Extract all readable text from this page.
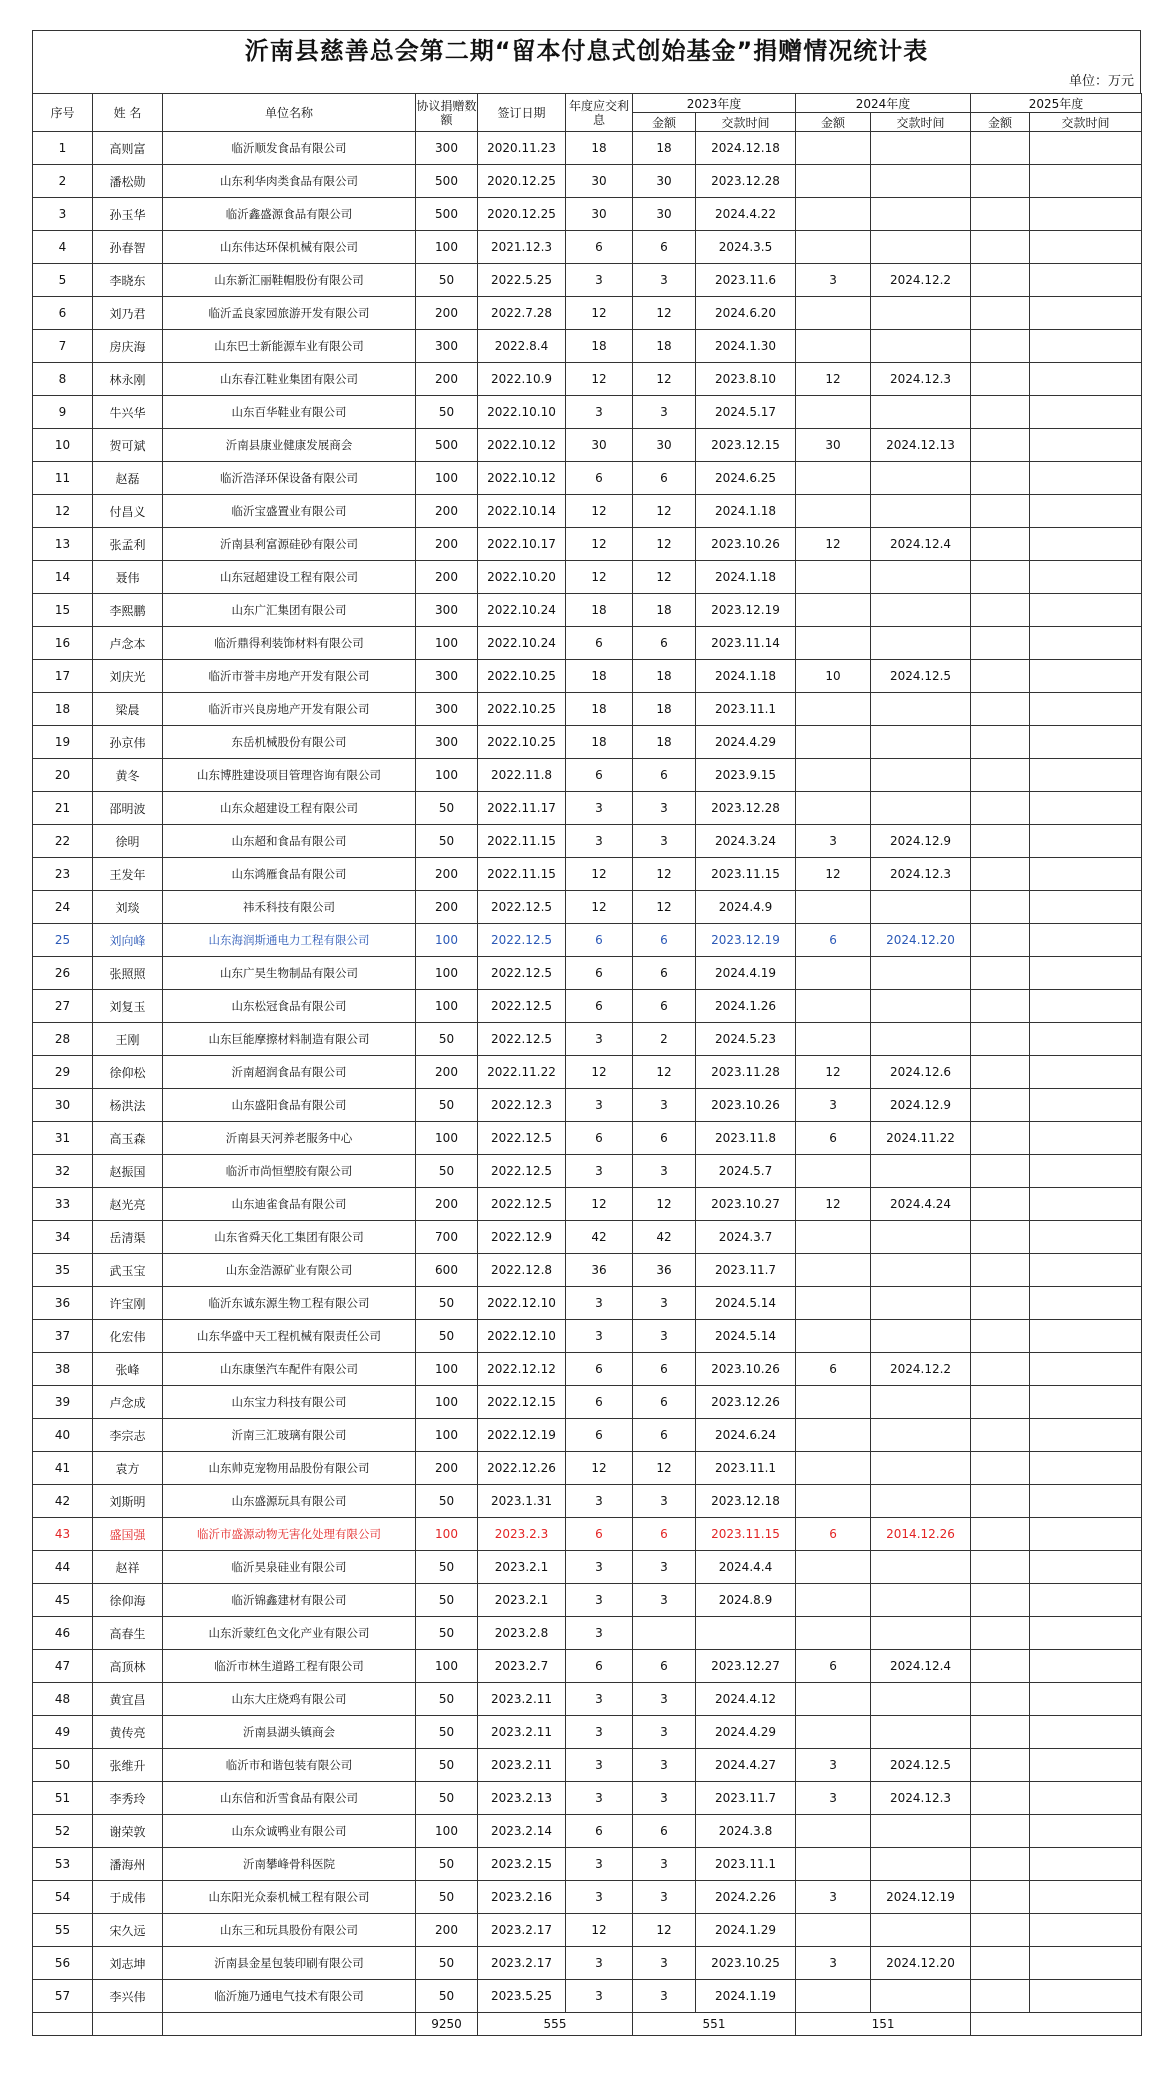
沂南县慈善总会第二期“留本付息式创始基金”捐赠情况统计表
单位：万元
序号	姓 名	单位名称	协议捐赠数额	签订日期	年度应交利息	2023年度		2024年度		2025年度	
						金额	交款时间	金额	交款时间	金额	交款时间
1	高则富	临沂顺发食品有限公司	300	2020.11.23	18	18	2024.12.18				
2	潘松勋	山东利华肉类食品有限公司	500	2020.12.25	30	30	2023.12.28				
3	孙玉华	临沂鑫盛源食品有限公司	500	2020.12.25	30	30	2024.4.22				
4	孙春智	山东伟达环保机械有限公司	100	2021.12.3	6	6	2024.3.5				
5	李晓东	山东新汇丽鞋帽股份有限公司	50	2022.5.25	3	3	2023.11.6	3	2024.12.2		
6	刘乃君	临沂孟良家园旅游开发有限公司	200	2022.7.28	12	12	2024.6.20				
7	房庆海	山东巴士新能源车业有限公司	300	2022.8.4	18	18	2024.1.30				
8	林永刚	山东春江鞋业集团有限公司	200	2022.10.9	12	12	2023.8.10	12	2024.12.3		
9	牛兴华	山东百华鞋业有限公司	50	2022.10.10	3	3	2024.5.17				
10	贺可斌	沂南县康业健康发展商会	500	2022.10.12	30	30	2023.12.15	30	2024.12.13		
11	赵磊	临沂浩泽环保设备有限公司	100	2022.10.12	6	6	2024.6.25				
12	付昌义	临沂宝盛置业有限公司	200	2022.10.14	12	12	2024.1.18				
13	张孟利	沂南县利富源硅砂有限公司	200	2022.10.17	12	12	2023.10.26	12	2024.12.4		
14	聂伟	山东冠超建设工程有限公司	200	2022.10.20	12	12	2024.1.18				
15	李熙鹏	山东广汇集团有限公司	300	2022.10.24	18	18	2023.12.19				
16	卢念本	临沂鼎得利装饰材料有限公司	100	2022.10.24	6	6	2023.11.14				
17	刘庆光	临沂市誉丰房地产开发有限公司	300	2022.10.25	18	18	2024.1.18	10	2024.12.5		
18	梁晨	临沂市兴良房地产开发有限公司	300	2022.10.25	18	18	2023.11.1				
19	孙京伟	东岳机械股份有限公司	300	2022.10.25	18	18	2024.4.29				
20	黄冬	山东博胜建设项目管理咨询有限公司	100	2022.11.8	6	6	2023.9.15				
21	邵明波	山东众超建设工程有限公司	50	2022.11.17	3	3	2023.12.28				
22	徐明	山东超和食品有限公司	50	2022.11.15	3	3	2024.3.24	3	2024.12.9		
23	王发年	山东鸿雁食品有限公司	200	2022.11.15	12	12	2023.11.15	12	2024.12.3		
24	刘琰	祎禾科技有限公司	200	2022.12.5	12	12	2024.4.9				
25	刘向峰	山东海润斯通电力工程有限公司	100	2022.12.5	6	6	2023.12.19	6	2024.12.20		
26	张照照	山东广昊生物制品有限公司	100	2022.12.5	6	6	2024.4.19				
27	刘复玉	山东松冠食品有限公司	100	2022.12.5	6	6	2024.1.26				
28	王刚	山东巨能摩擦材料制造有限公司	50	2022.12.5	3	2	2024.5.23				
29	徐仰松	沂南超润食品有限公司	200	2022.11.22	12	12	2023.11.28	12	2024.12.6		
30	杨洪法	山东盛阳食品有限公司	50	2022.12.3	3	3	2023.10.26	3	2024.12.9		
31	高玉森	沂南县天河养老服务中心	100	2022.12.5	6	6	2023.11.8	6	2024.11.22		
32	赵振国	临沂市尚恒塑胶有限公司	50	2022.12.5	3	3	2024.5.7				
33	赵光亮	山东迪雀食品有限公司	200	2022.12.5	12	12	2023.10.27	12	2024.4.24		
34	岳清渠	山东省舜天化工集团有限公司	700	2022.12.9	42	42	2024.3.7				
35	武玉宝	山东金浩源矿业有限公司	600	2022.12.8	36	36	2023.11.7				
36	许宝刚	临沂东诚东源生物工程有限公司	50	2022.12.10	3	3	2024.5.14				
37	化宏伟	山东华盛中天工程机械有限责任公司	50	2022.12.10	3	3	2024.5.14				
38	张峰	山东康堡汽车配件有限公司	100	2022.12.12	6	6	2023.10.26	6	2024.12.2		
39	卢念成	山东宝力科技有限公司	100	2022.12.15	6	6	2023.12.26				
40	李宗志	沂南三汇玻璃有限公司	100	2022.12.19	6	6	2024.6.24				
41	袁方	山东帅克宠物用品股份有限公司	200	2022.12.26	12	12	2023.11.1				
42	刘斯明	山东盛源玩具有限公司	50	2023.1.31	3	3	2023.12.18				
43	盛国强	临沂市盛源动物无害化处理有限公司	100	2023.2.3	6	6	2023.11.15	6	2014.12.26		
44	赵祥	临沂昊泉硅业有限公司	50	2023.2.1	3	3	2024.4.4				
45	徐仰海	临沂锦鑫建材有限公司	50	2023.2.1	3	3	2024.8.9				
46	高春生	山东沂蒙红色文化产业有限公司	50	2023.2.8	3						
47	高顶林	临沂市林生道路工程有限公司	100	2023.2.7	6	6	2023.12.27	6	2024.12.4		
48	黄宜昌	山东大庄烧鸡有限公司	50	2023.2.11	3	3	2024.4.12				
49	黄传亮	沂南县湖头镇商会	50	2023.2.11	3	3	2024.4.29				
50	张维升	临沂市和谐包装有限公司	50	2023.2.11	3	3	2024.4.27	3	2024.12.5		
51	李秀玲	山东信和沂雪食品有限公司	50	2023.2.13	3	3	2023.11.7	3	2024.12.3		
52	谢荣敦	山东众诚鸭业有限公司	100	2023.2.14	6	6	2024.3.8				
53	潘海州	沂南攀峰骨科医院	50	2023.2.15	3	3	2023.11.1				
54	于成伟	山东阳光众泰机械工程有限公司	50	2023.2.16	3	3	2024.2.26	3	2024.12.19		
55	宋久远	山东三和玩具股份有限公司	200	2023.2.17	12	12	2024.1.29				
56	刘志坤	沂南县金星包装印刷有限公司	50	2023.2.17	3	3	2023.10.25	3	2024.12.20		
57	李兴伟	临沂施乃通电气技术有限公司	50	2023.5.25	3	3	2024.1.19				
			9250	555		551		151			
